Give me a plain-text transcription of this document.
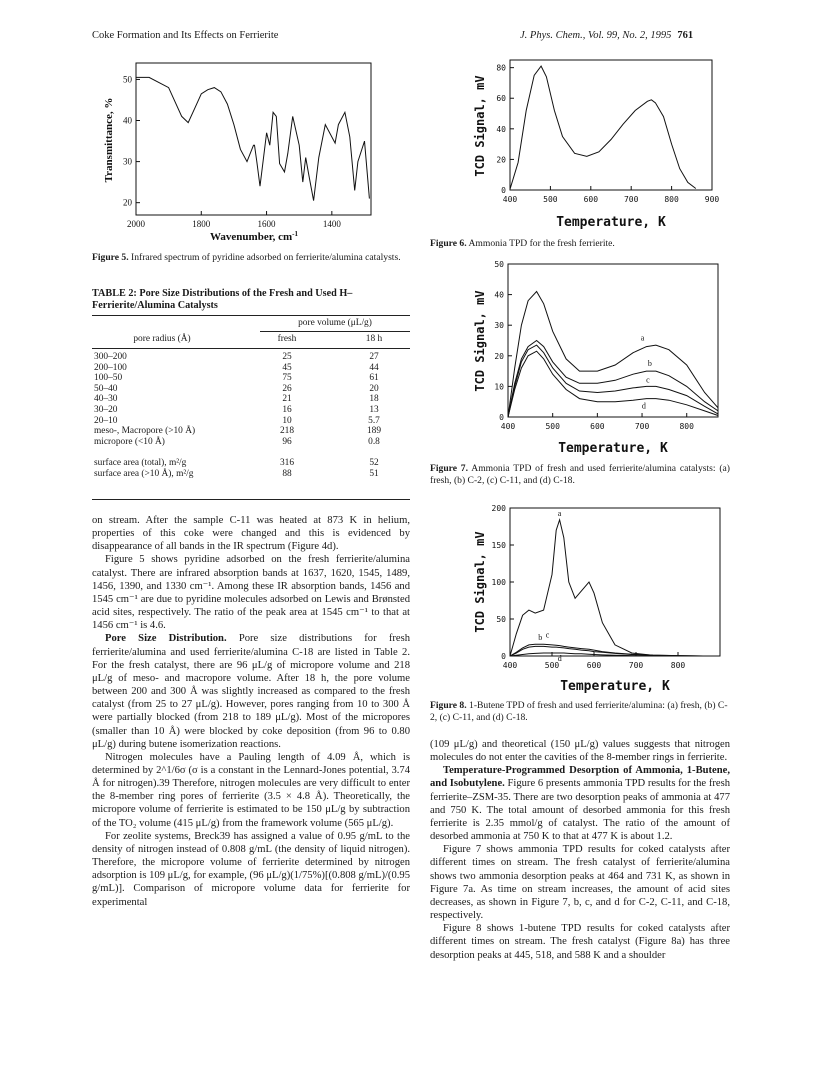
Coke Formation and Its Effects on Ferrierite	J. Phys. Chem., Vol. 99, No. 2, 1995 761
20
30
40
50
2000	1800	1600	1400
Transmittance, %
Wavenumber, $cm^{-1}$
Figure 5. Infrared spectrum of pyridine adsorbed on ferrierite/alumina catalysts.
TABLE 2: Pore Size Distributions of the Fresh and Used H–Ferrierite/Alumina Catalysts
pore volume (μL/g)
pore radius (Å)	fresh	18 h
300–200	25	27
200–100	45	44
100–50	75	61
50–40	26	20
40–30	21	18
30–20	16	13
20–10	10	5.7
meso-, Macropore (>10 Å)	218	189
micropore (<10 Å)	96	0.8
surface area (total), m²/g	316	52
surface area (>10 Å), m²/g	88	51

on stream. After the sample C-11 was heated at 873 K in helium, properties of this coke were changed and this is evidenced by disappearance of all bands in the IR spectrum (Figure 4d).

Figure 5 shows pyridine adsorbed on the fresh ferrierite/alumina catalyst. There are infrared absorption bands at 1637, 1620, 1545, 1489, 1456, 1390, and 1330 cm⁻¹. Among these IR absorption bands, 1456 and 1545 cm⁻¹ are due to pyridine molecules adsorbed on Lewis and Brønsted acid sites, respectively. The ratio of the peak area at 1545 cm⁻¹ to that at 1456 cm⁻¹ is 4.6.

Pore Size Distribution. Pore size distributions for fresh ferrierite/alumina and used ferrierite/alumina C-18 are listed in Table 2. For the fresh catalyst, there are 96 μL/g of micropore volume and 218 μL/g of meso- and macropore volume. After 18 h, the pore volume between 200 and 300 Å was slightly increased as compared to the fresh catalyst (from 25 to 27 μL/g). However, pores ranging from 10 to 300 Å were partially blocked (from 218 to 189 μL/g). Most of the micropores (smaller than 10 Å) were blocked by coke deposition (from 96 to 0.80 μL/g) during butene isomerization reactions.

Nitrogen molecules have a Pauling length of 4.09 Å, which is determined by 2^1/6σ (σ is a constant in the Lennard-Jones potential, 3.74 Å for nitrogen).39 Therefore, nitrogen molecules are very difficult to enter the 8-member ring pores of ferrierite (3.5 × 4.8 Å). Theoretically, the micropore volume of ferrierite is estimated to be 150 μL/g by subtraction of the TO₂ volume (415 μL/g) from the framework volume (565 μL/g).

For zeolite systems, Breck39 has assigned a value of 0.95 g/mL to the density of nitrogen instead of 0.808 g/mL (the density of liquid nitrogen). Therefore, the micropore volume of ferrierite determined by nitrogen adsorption is 109 μL/g, for example, (96 μL/g)(1/75%)[(0.808 g/mL)/(0.95 g/mL)]. Comparison of micropore volume data for ferrierite for experimental

0
20
40
60
80
400	500	600	700	800	900
TCD Signal, mV
Temperature, K
Figure 6. Ammonia TPD for the fresh ferrierite.
0
10
20
30
40
50
400	500	600	700	800
TCD Signal, mV
Temperature, K
a
b
c
d
Figure 7. Ammonia TPD of fresh and used ferrierite/alumina catalysts: (a) fresh, (b) C-2, (c) C-11, and (d) C-18.
0
50
100
150
200
400	500	600	700	800
TCD Signal, mV
Temperature, K
a
b c
d
Figure 8. 1-Butene TPD of fresh and used ferrierite/alumina: (a) fresh, (b) C-2, (c) C-11, and (d) C-18.

(109 μL/g) and theoretical (150 μL/g) values suggests that nitrogen molecules do not enter the cavities of the 8-member rings in ferrierite.

Temperature-Programmed Desorption of Ammonia, 1-Butene, and Isobutylene. Figure 6 presents ammonia TPD results for the fresh ferrierite–ZSM-35. There are two desorption peaks of ammonia at 477 and 750 K. The total amount of desorbed ammonia for this fresh ferrierite is 2.35 mmol/g of catalyst. The ratio of the amount of desorbed ammonia at 750 K to that at 477 K is about 1.2.

Figure 7 shows ammonia TPD results for coked catalysts after different times on stream. The fresh catalyst of ferrierite/alumina shows two ammonia desorption peaks at 464 and 731 K, as shown in Figure 7a. As time on stream increases, the amount of acid sites decreases, as shown in Figure 7, b, c, and d for C-2, C-11, and C-18, respectively.

Figure 8 shows 1-butene TPD results for coked catalysts after different times on stream. The fresh catalyst (Figure 8a) has three desorption peaks at 445, 518, and 588 K and a shoulder
